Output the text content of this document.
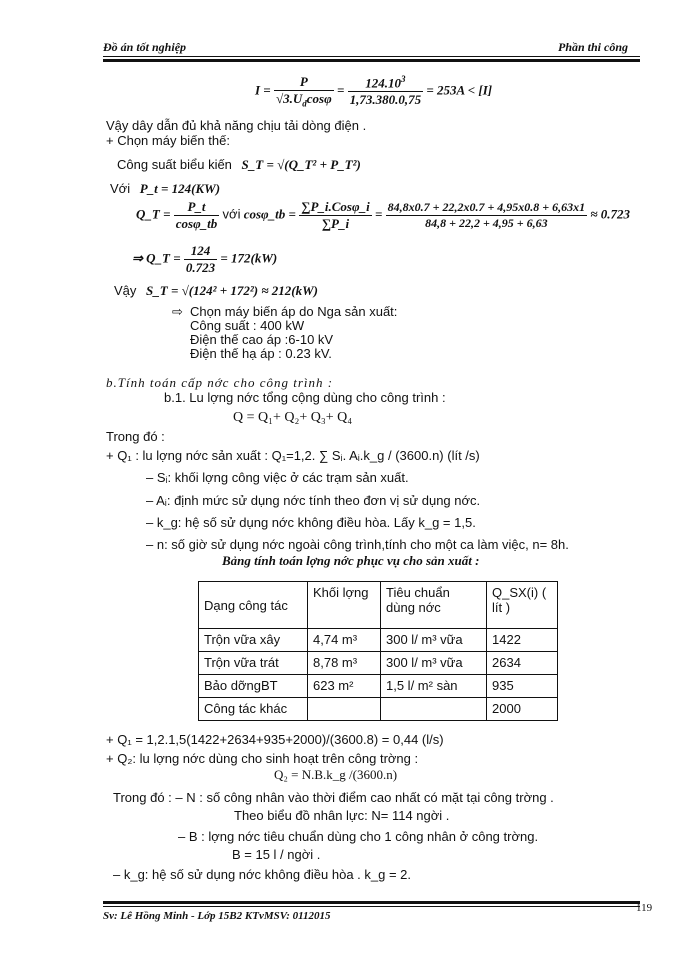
Đồ án tốt nghiệp	Phần thi công
$I = \frac{P}{√3.U_d\cos\varphi} = \frac{124.10^3}{1,73.380.0,75} = 253A < [I]$
Vậy dây dẫn đủ khả năng chịu tải dòng điện .
+ Chọn máy biến thế:
Công suất biểu kiến S_T = √(Q_T² + P_T²)
Với P_t = 124(KW)
Q_T = $\frac{P\_t}{\cos\varphi\_tb}$ với cosφ_tb = $\frac{\text{∑P\_i.Cosφ\_i}}{\sum P\_i} = \frac{84,8x0.7 + 22,2x0.7 + 4,95x0.8 + 6,63x1}{84,8 + 22,2 + 4,95 + 6,63} \approx 0.723$
⇒ Q_T = $\frac{124}{0.723} = 172(kW)$
Vậy S_T = √(124² + 172²) ≈ 212(kW)
⇨ Chọn máy biến áp do Nga sản xuất:
Công suất : 400 kW
Điện thế cao áp :6-10 kV
Điện thế hạ áp : 0.23 kV.
b.Tính toán cấp nớc cho công trình :
b.1. Lu lợng nớc tổng cộng dùng cho công trình :
Q = Q₁+ Q₂+ Q₃+ Q₄
Trong đó :
+ Q₁ : lu lợng nớc sản xuất : Q₁=1,2. ∑ Sᵢ. Aᵢ.k_g / (3600.n) (lít /s)
– Sᵢ: khối lợng công việc ở các trạm sản xuất.
– Aᵢ: định mức sử dụng nớc tính theo đơn vị sử dụng nớc.
– k_g: hệ số sử dụng nớc không điều hòa. Lấy k_g = 1,5.
– n: số giờ sử dụng nớc ngoài công trình,tính cho một ca làm việc, n= 8h.
Bảng tính toán lợng nớc phục vụ cho sản xuất :
Dạng công tác	Khối lợng	Tiêu chuẩn dùng nớc	Q_SX(i) ( lít )
Trộn vữa xây	4,74 m³	300 l/ m³ vữa	1422
Trộn vữa trát	8,78 m³	300 l/ m³ vữa	2634
Bảo dỡngBT	623 m²	1,5 l/ m² sàn	935
Công tác khác			2000
+ Q₁ = 1,2.1,5(1422+2634+935+2000)/(3600.8) = 0,44 (l/s)
+ Q₂: lu lợng nớc dùng cho sinh hoạt trên công trờng :
Q₂ = N.B.k_g /(3600.n)
Trong đó : – N : số công nhân vào thời điểm cao nhất có mặt tại công trờng .
Theo biểu đồ nhân lực: N= 114 ngời .
– B : lợng nớc tiêu chuẩn dùng cho 1 công nhân ở công trờng.
B = 15 l / ngời .
– k_g: hệ số sử dụng nớc không điều hòa . k_g = 2.
Sv: Lê Hồng Minh - Lớp 15B2 KTvMSV: 0112015
119
